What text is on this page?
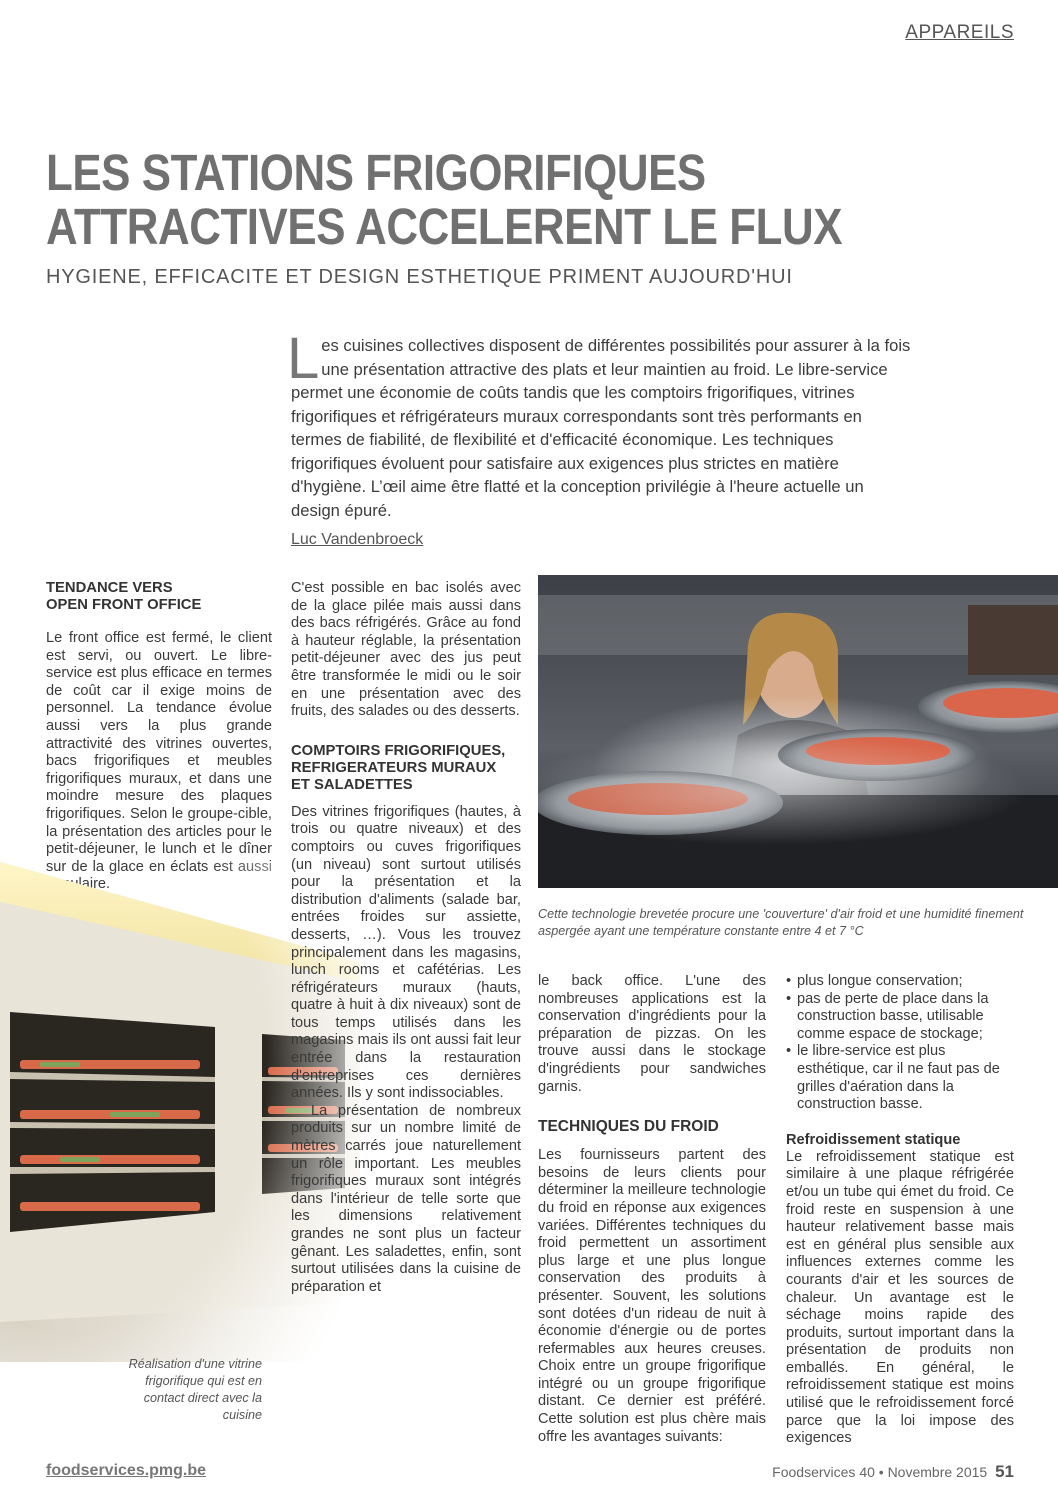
APPAREILS
LES STATIONS FRIGORIFIQUES
ATTRACTIVES ACCELERENT LE FLUX
HYGIENE, EFFICACITE ET DESIGN ESTHETIQUE PRIMENT AUJOURD'HUI
Les cuisines collectives disposent de différentes possibilités pour assurer à la fois une présentation attractive des plats et leur maintien au froid. Le libre-service permet une économie de coûts tandis que les comptoirs frigorifiques, vitrines frigorifiques et réfrigérateurs muraux correspondants sont très performants en termes de fiabilité, de flexibilité et d'efficacité économique. Les techniques frigorifiques évoluent pour satisfaire aux exigences plus strictes en matière d'hygiène. L’œil aime être flatté et la conception privilégie à l'heure actuelle un design épuré.
Luc Vandenbroeck

TENDANCE VERS

OPEN FRONT OFFICE

Le front office est fermé, le client est servi, ou ouvert. Le libre-service est plus efficace en termes de coût car il exige moins de personnel. La tendance évolue aussi vers la plus grande attractivité des vitrines ouvertes, bacs frigorifiques et meubles frigorifiques muraux, et dans une moindre mesure des plaques frigorifiques. Selon le groupe-cible, la présentation des articles pour le petit-déjeuner, le lunch et le dîner

C'est possible en bac isolés avec de la glace pilée mais aussi dans des bacs réfrigérés. Grâce au fond à hauteur réglable, la présentation petit-déjeuner avec des jus peut être transformée le midi ou le soir en une présentation avec des fruits, des salades ou des desserts.

COMPTOIRS FRIGORIFIQUES,

REFRIGERATEURS MURAUX

ET SALADETTES

Des vitrines frigorifiques (hautes, à trois ou quatre niveaux) et des comptoirs ou cuves frigorifiques (un niveau) sont surtout utilisés pour la présentation et la distribution d'aliments (salade bar, entrées froides sur assiette, desserts, …). Vous les trouvez principalement dans les magasins, lunch rooms et cafétérias. Les réfrigérateurs muraux (hauts, quatre à huit à dix niveaux) sont de tous temps utilisés dans les magasins mais ils ont aussi fait leur entrée dans la restauration d'entreprises ces dernières années. Ils y sont indissociables.

La présentation de nombreux produits sur un nombre limité de mètres carrés joue naturellement un rôle important. Les meubles frigorifiques muraux sont intégrés dans l'intérieur de telle sorte que les dimensions relativement grandes ne sont plus un facteur gênant. Les saladettes, enfin, sont surtout utilisées dans la cuisine de préparation et

Cette technologie brevetée procure une 'couverture' d'air froid et une humidité finement aspergée ayant une température constante entre 4 et 7 °C
Réalisation d'une vitrine frigorifique qui est en contact direct avec la cuisine

le back office. L'une des nombreuses applications est la conservation d'ingrédients pour la préparation de pizzas. On les trouve aussi dans le stockage d'ingrédients pour sandwiches garnis.

TECHNIQUES DU FROID

Les fournisseurs partent des besoins de leurs clients pour déterminer la meilleure technologie du froid en réponse aux exigences variées. Différentes techniques du froid permettent un assortiment plus large et une plus longue conservation des produits à présenter. Souvent, les solutions sont dotées d'un rideau de nuit à économie d'énergie ou de portes refermables aux heures creuses. Choix entre un groupe frigorifique intégré ou un groupe frigorifique distant. Ce dernier est préféré. Cette solution est plus chère mais offre les avantages suivants:

• plus longue conservation;
• pas de perte de place dans la construction basse, utilisable comme espace de stockage;
• le libre-service est plus esthétique, car il ne faut pas de grilles d'aération dans la construction basse.

Refroidissement statique

Le refroidissement statique est similaire à une plaque réfrigérée et/ou un tube qui émet du froid. Ce froid reste en suspension à une hauteur relativement basse mais est en général plus sensible aux influences externes comme les courants d'air et les sources de chaleur. Un avantage est le séchage moins rapide des produits, surtout important dans la présentation de produits non emballés. En général, le refroidissement statique est moins utilisé que le refroidissement forcé parce que la loi impose des exigences

foodservices.pmg.be	Foodservices 40 • Novembre 2015 51
